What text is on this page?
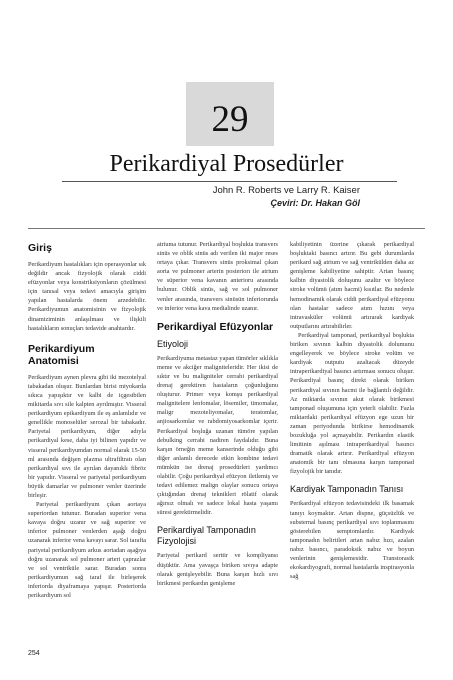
29
Perikardiyal Prosedürler
John R. Roberts ve Larry R. Kaiser
Çeviri: Dr. Hakan Göl
Giriş

Perikardiyum hastalıkları için operasyonlar sık değildir ancak fizyolojik olarak ciddi efüzyonlar veya konstriksiyonların çözülmesi için tanısal veya tedavi amacıyla girişim yapılan hastalarda önem arzedebilir. Perikardiyumun anatomisinin ve fizyolojik dinamiziminin anlaşılması ve ilişkili hastalıkların sonuçları tedavide anahtardır.

Perikardiyum Anatomisi

Perikardiyum aynen plevra gibi iki mezotelyal tabakadan oluşur. Bunlardan birisi miyokarda sıkıca yapışıktır ve kalbi de içgestbilen mikitarda sıvı sile kalpten ayrılmıştır. Visseral perikardiyum epikardiyum ile eş anlamlıdır ve genellikle monoselüler serozal bir tabakadır. Pariyetal perikardiyum, diğer adıyla perikardiyal kese, daha iyi bilinen yapıdır ve visseral perikardiyumdan normal olarak 15-50 ml arasında değişen plazma ultrafiltratı olan perikardiyal sıvı ile ayrılan dayanıklı fibröz bir yapıdır. Visseral ve pariyetal perikardiyum büyük damarlar ve pulmoner venler üzerinde birleşir.

Pariyetal perikardiyum çıkan aortaya superiordan tutunur. Buradan superior vena kavaya doğru uzanır ve sağ superior ve inferior pulmoner venlerden aşağı doğru uzanarak inferior vena kavayı sarar. Sol tarafta pariyetal perikardiyum arkus aortadan aşağıya doğru uzanarak sol pulmoner arteri çaprazlar ve sol ventriküle sarar. Buradan sonra perikardiyumun sağ taraf ile birleşerek inferiorda diyaframaya yapışır. Posteriorda perikardiyum sol

atriuma tutunur. Perikardiyal boşlukta transvers sinüs ve oblik sinüs adı verilen iki major reses ortaya çıkar. Transvers sinüs proksimal çıkan aorta ve pulmoner arterin posteriorı ile atrium ve süperior vena kavanın anterioru arasında bulunur. Oblik sinüs, sağ ve sol pulmoner venler arasında, transvers sinüsün inferiorunda ve inferior vena kava medialinde uzanır.

Perikardiyal Efüzyonlar
Etiyoloji

Perikardiyuma metastaz yapan tümörler sıklıkla meme ve akciğer maligniteleridir. Her ikisi de sıktır ve bu maligniteler cerrahi perikardiyal drenaj gerektiren hastaların çoğunluğunu oluşturur. Primer veya komşu perikardiyal malignitelere lenfomalar, lösemiler, timomalar, maligr mezoteliyomalar, teratomlar, anjiosarkomlar ve rabdomiyosarkomlar içerir. Perikardiyal boşluğa uzanan tümöre yapılan debulking cerrahi nadiren faydalıdır. Buna karşın örneğin meme kanserinde olduğu gibi diğer anlamlı derecede etkin kombine tedavi mümkün ise drenaj prosedürleri yardımcı olabilir. Çoğu perikardiyal efüzyon iletlemiş ve tedavi edilemez malign olaylar sonucu ortaya çıktığından drenaj teknikleri rölatif olarak ağırsız olmalı ve sadece lokal hasta yaşamı süresi gerektirmelidir.

Perikardiyal Tamponadın Fizyolojisi

Pariyetal perikard serttir ve kompliyansı düşüktür. Ama yavaşça biriken sıvıya adapte olarak genişleyebilir. Buna karşın hızlı sıvı birikmesi perikardın genişleme

kabiliyetinin üzerine çıkarak perikardiyal boşluktaki basıncı artırır. Bu gebi durumlarda perikard sağ atrium ve sağ ventrikülden daha az genişleme kabiliyetine sahiptir. Artan basınç kalbin diyastolik doluşunu azaltır ve böylece stroke volümü (atım hacmi) kısıtlar. Bu nedenle hemodinamik olarak ciddi perikardiyal efüzyonu olan hastalar sadece atım hızını veya intravasküler volümü artırarak kardiyak outputlarını artırabilirler.

Perikardiyal tamponad, perikardiyal boşlukta biriken sıvının kalbin diyastolik dolumunu engelleyerek ve böylece stroke volüm ve kardiyak outputu azaltacak düzeyde intraperikardiyal basıncı artırması sonucu oluşur. Perikardiyal basınç direkt olarak biriken perikardiyal sıvının hacmi ile bağlantılı değildir. Az miktarda sıvının akut olarak birikmesi tamponad oluşumuna için yeterli olabilir. Fazla miktardaki perikardiyal efüzyon ege uzun bir zaman periyodunda birikirse hemodinamik bozukluğa yol açmayabilir. Perikardın elastik limitinin aşılması intraperikardiyal basıncı dramatik olarak artırır. Perikardiyal efüzyon anatomik bir tanı olmasına karşın tamponad fizyolojik bir tanıdır.

Kardiyak Tamponadın Tanısı

Perikardiyal efüzyon tedavisindeki ilk basamak tanıyı koymaktır. Artan dispne, güçsüzlük ve substernal basınç perikardiyal sıvı toplanmasını gösterebilen semptomlardır. Kardiyak tamponadın belirtileri artan nabız hızı, azalan nabız basıncı, paradoksik nabız ve boyun venlerinin genişlemesidir. Transtorasik ekokardiyografi, normal hastalarda inspirasyonla sağ

254
